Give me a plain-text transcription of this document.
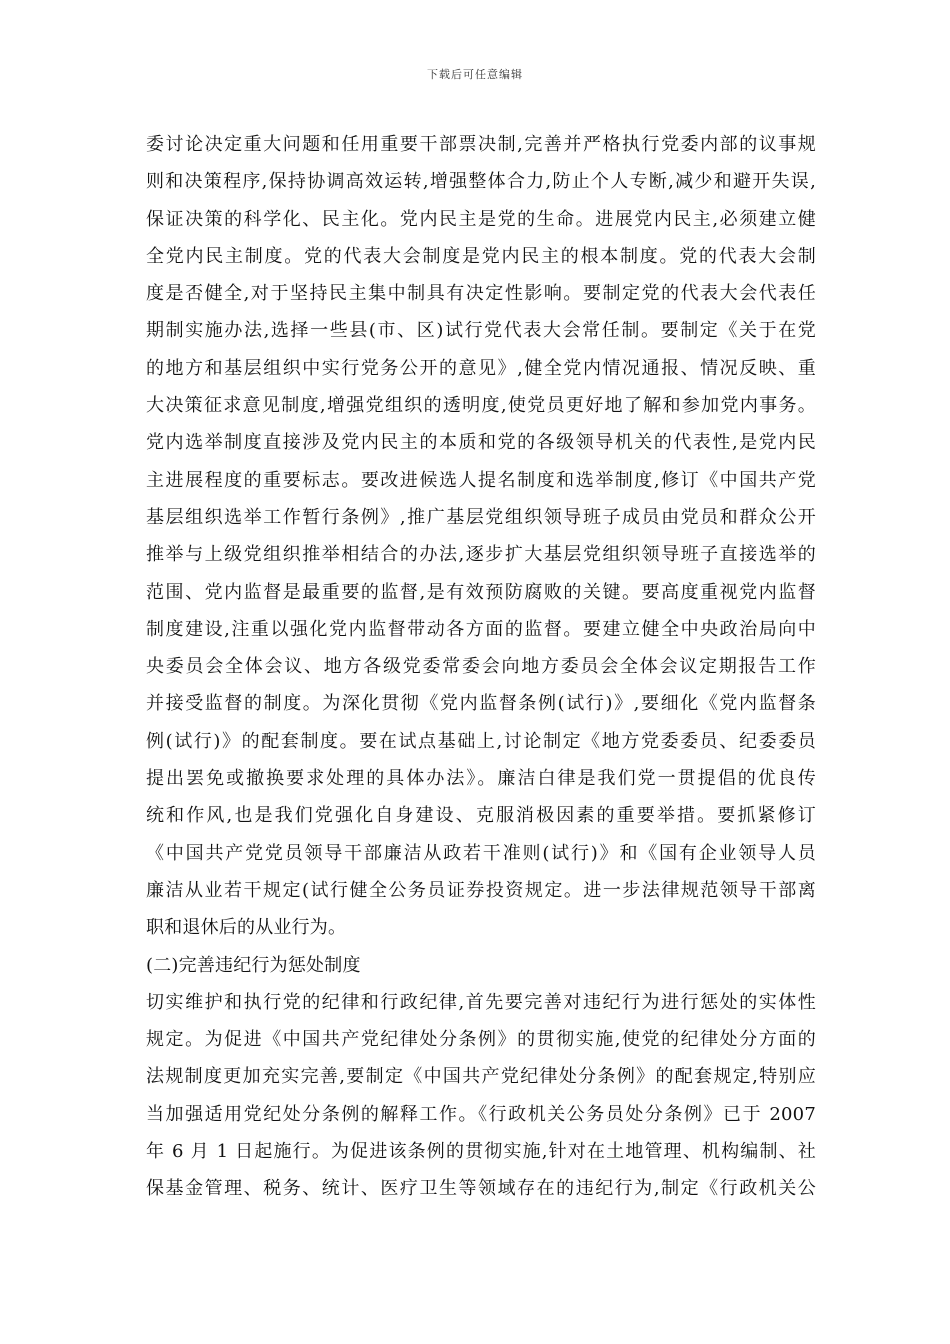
下载后可任意编辑
委讨论决定重大问题和任用重要干部票决制,完善并严格执行党委内部的议事规
则和决策程序,保持协调高效运转,增强整体合力,防止个人专断,减少和避开失误,
保证决策的科学化、民主化。党内民主是党的生命。进展党内民主,必须建立健
全党内民主制度。党的代表大会制度是党内民主的根本制度。党的代表大会制
度是否健全,对于坚持民主集中制具有决定性影响。要制定党的代表大会代表任
期制实施办法,选择一些县(市、区)试行党代表大会常任制。要制定《关于在党
的地方和基层组织中实行党务公开的意见》,健全党内情况通报、情况反映、重
大决策征求意见制度,增强党组织的透明度,使党员更好地了解和参加党内事务。
党内选举制度直接涉及党内民主的本质和党的各级领导机关的代表性,是党内民
主进展程度的重要标志。要改进候选人提名制度和选举制度,修订《中国共产党
基层组织选举工作暂行条例》,推广基层党组织领导班子成员由党员和群众公开
推举与上级党组织推举相结合的办法,逐步扩大基层党组织领导班子直接选举的
范围、党内监督是最重要的监督,是有效预防腐败的关键。要高度重视党内监督
制度建设,注重以强化党内监督带动各方面的监督。要建立健全中央政治局向中
央委员会全体会议、地方各级党委常委会向地方委员会全体会议定期报告工作
并接受监督的制度。为深化贯彻《党内监督条例(试行)》,要细化《党内监督条
例(试行)》的配套制度。要在试点基础上,讨论制定《地方党委委员、纪委委员
提出罢免或撤换要求处理的具体办法》。廉洁白律是我们党一贯提倡的优良传
统和作风,也是我们党强化自身建设、克服消极因素的重要举措。要抓紧修订
《中国共产党党员领导干部廉洁从政若干准则(试行)》和《国有企业领导人员
廉洁从业若干规定(试行健全公务员证券投资规定。进一步法律规范领导干部离
职和退休后的从业行为。
(二)完善违纪行为惩处制度
切实维护和执行党的纪律和行政纪律,首先要完善对违纪行为进行惩处的实体性
规定。为促进《中国共产党纪律处分条例》的贯彻实施,使党的纪律处分方面的
法规制度更加充实完善,要制定《中国共产党纪律处分条例》的配套规定,特别应
当加强适用党纪处分条例的解释工作。《行政机关公务员处分条例》已于 2007
年 6 月 1 日起施行。为促进该条例的贯彻实施,针对在土地管理、机构编制、社
保基金管理、税务、统计、医疗卫生等领域存在的违纪行为,制定《行政机关公
